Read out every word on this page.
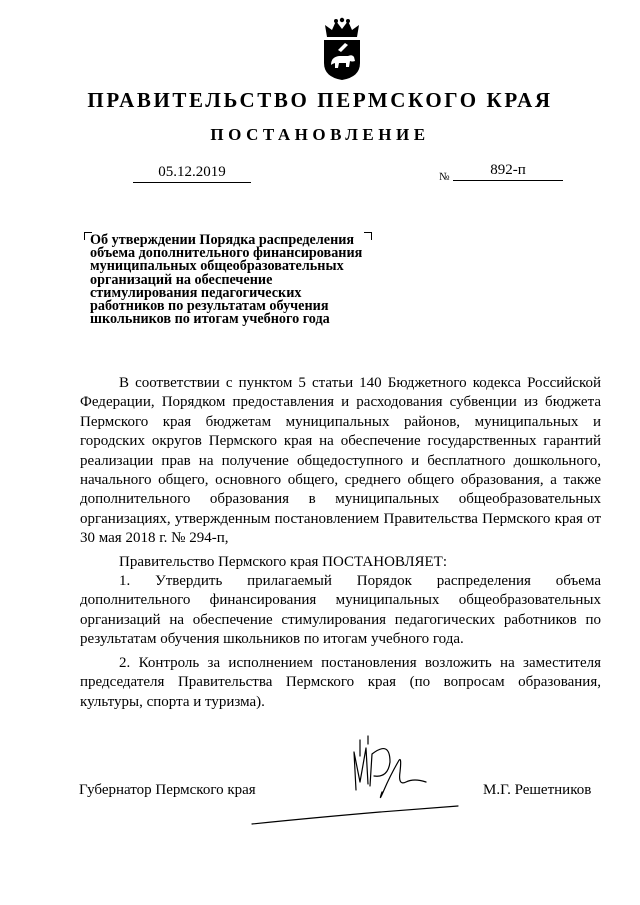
ПРАВИТЕЛЬСТВО ПЕРМСКОГО КРАЯ
ПОСТАНОВЛЕНИЕ
05.12.2019	№	892-п
Об утверждении Порядка распределения
объема дополнительного финансирования
муниципальных общеобразовательных
организаций на обеспечение
стимулирования педагогических
работников по результатам обучения
школьников по итогам учебного года

В соответствии с пунктом 5 статьи 140 Бюджетного кодекса Российской Федерации, Порядком предоставления и расходования субвенции из бюджета Пермского края бюджетам муниципальных районов, муниципальных и городских округов Пермского края на обеспечение государственных гарантий реализации прав на получение общедоступного и бесплатного дошкольного, начального общего, основного общего, среднего общего образования, а также дополнительного образования в муниципальных общеобразовательных организациях, утвержденным постановлением Правительства Пермского края от 30 мая 2018 г. № 294-п,

Правительство Пермского края ПОСТАНОВЛЯЕТ:

1. Утвердить прилагаемый Порядок распределения объема дополнительного финансирования муниципальных общеобразовательных организаций на обеспечение стимулирования педагогических работников по результатам обучения школьников по итогам учебного года.

2. Контроль за исполнением постановления возложить на заместителя председателя Правительства Пермского края (по вопросам образования, культуры, спорта и туризма).

Губернатор Пермского края	М.Г. Решетников
